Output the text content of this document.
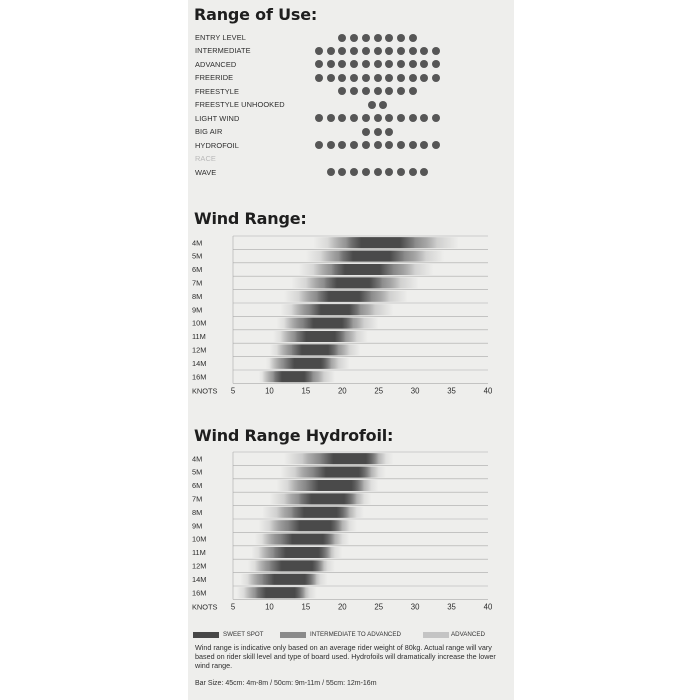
Range of Use:
ENTRY LEVEL
INTERMEDIATE
ADVANCED
FREERIDE
FREESTYLE
FREESTYLE UNHOOKED
LIGHT WIND
BIG AIR
HYDROFOIL
RACE
WAVE
Wind Range:
4M
5M
6M
7M
8M
9M
10M
11M
12M
14M
16M
KNOTS 5	10	15	20	25	30	35	40
Wind Range Hydrofoil:
4M
5M
6M
7M
8M
9M
10M
11M
12M
14M
16M
KNOTS 5	10	15	20	25	30	35	40
SWEET SPOT	INTERMEDIATE TO ADVANCED	ADVANCED

Wind range is indicative only based on an average rider weight of 80kg. Actual range will vary based on rider skill level and type of board used. Hydrofoils will dramatically increase the lower wind range.

Bar Size: 45cm: 4m-8m / 50cm: 9m-11m / 55cm: 12m-16m
